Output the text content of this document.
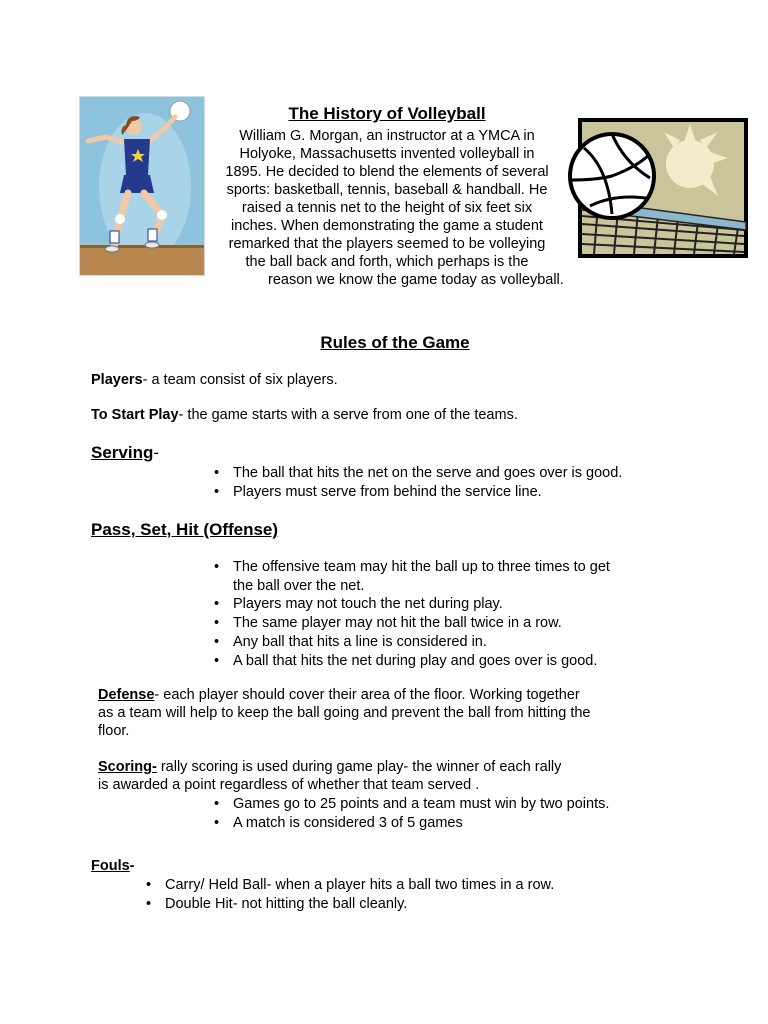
The History of Volleyball
William G. Morgan, an instructor at a YMCA in
Holyoke, Massachusetts invented volleyball in
1895. He decided to blend the elements of several
sports: basketball, tennis, baseball & handball. He
raised a tennis net to the height of six feet six
inches. When demonstrating the game a student
remarked that the players seemed to be volleying
the ball back and forth, which perhaps is the
reason we know the game today as volleyball.
Rules of the Game
Players- a team consist of six players.
To Start Play- the game starts with a serve from one of the teams.
Serving-
• The ball that hits the net on the serve and goes over is good.
• Players must serve from behind the service line.
Pass, Set, Hit (Offense)
• The offensive team may hit the ball up to three times to get the ball over the net.
• Players may not touch the net during play.
• The same player may not hit the ball twice in a row.
• Any ball that hits a line is considered in.
• A ball that hits the net during play and goes over is good.
Defense- each player should cover their area of the floor. Working together
as a team will help to keep the ball going and prevent the ball from hitting the
floor.
Scoring- rally scoring is used during game play- the winner of each rally
is awarded a point regardless of whether that team served .
• Games go to 25 points and a team must win by two points.
• A match is considered 3 of 5 games
Fouls-
• Carry/ Held Ball- when a player hits a ball two times in a row.
• Double Hit- not hitting the ball cleanly.
